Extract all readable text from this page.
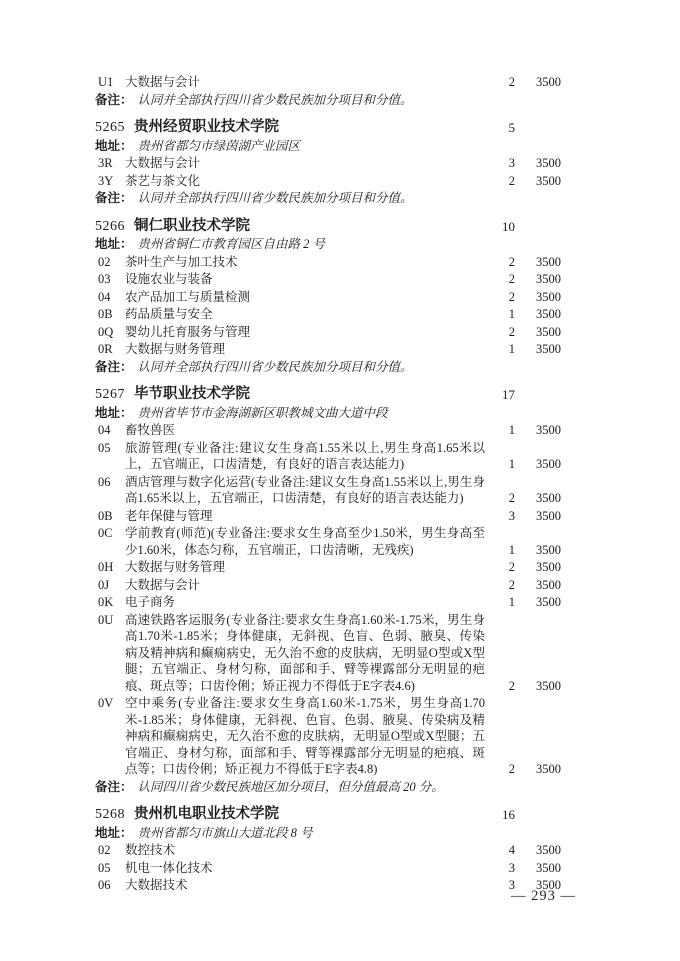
U1 大数据与会计	2	3500
备注： 认同并全部执行四川省少数民族加分项目和分值。
5265 贵州经贸职业技术学院	5
地址： 贵州省都匀市绿茵湖产业园区
3R 大数据与会计	3	3500
3Y 茶艺与茶文化	2	3500
备注： 认同并全部执行四川省少数民族加分项目和分值。
5266 铜仁职业技术学院	10
地址： 贵州省铜仁市教育园区自由路 2 号
02 茶叶生产与加工技术	2	3500
03 设施农业与装备	2	3500
04 农产品加工与质量检测	2	3500
0B 药品质量与安全	1	3500
0Q 婴幼儿托育服务与管理	2	3500
0R 大数据与财务管理	1	3500
备注： 认同并全部执行四川省少数民族加分项目和分值。
5267 毕节职业技术学院	17
地址： 贵州省毕节市金海湖新区职教城文曲大道中段
04 畜牧兽医	1	3500
05 旅游管理(专业备注:建议女生身高1.55米以上,男生身高1.65米以上，五官端正，口齿清楚，有良好的语言表达能力)	1	3500
06 酒店管理与数字化运营(专业备注:建议女生身高1.55米以上,男生身高1.65米以上，五官端正，口齿清楚，有良好的语言表达能力)	2	3500
0B 老年保健与管理	3	3500
0C 学前教育(师范)(专业备注:要求女生身高至少1.50米，男生身高至少1.60米，体态匀称，五官端正，口齿清晰，无残疾)	1	3500
0H 大数据与财务管理	2	3500
0J 大数据与会计	2	3500
0K 电子商务	1	3500
0U 高速铁路客运服务(专业备注:要求女生身高1.60米-1.75米，男生身高1.70米-1.85米；身体健康，无斜视、色盲、色弱、腋臭、传染病及精神病和癫痫病史，无久治不愈的皮肤病，无明显O型或X型腿；五官端正、身材匀称，面部和手、臂等裸露部分无明显的疤痕、斑点等；口齿伶俐；矫正视力不得低于E字表4.6)	2	3500
0V 空中乘务(专业备注:要求女生身高1.60米-1.75米，男生身高1.70米-1.85米；身体健康，无斜视、色盲、色弱、腋臭、传染病及精神病和癫痫病史，无久治不愈的皮肤病，无明显O型或X型腿；五官端正、身材匀称，面部和手、臂等裸露部分无明显的疤痕、斑点等；口齿伶俐；矫正视力不得低于E字表4.8)	2	3500
备注： 认同四川省少数民族地区加分项目，但分值最高 20 分。
5268 贵州机电职业技术学院	16
地址： 贵州省都匀市旗山大道北段 8 号
02 数控技术	4	3500
05 机电一体化技术	3	3500
06 大数据技术	3	3500
— 293 —
